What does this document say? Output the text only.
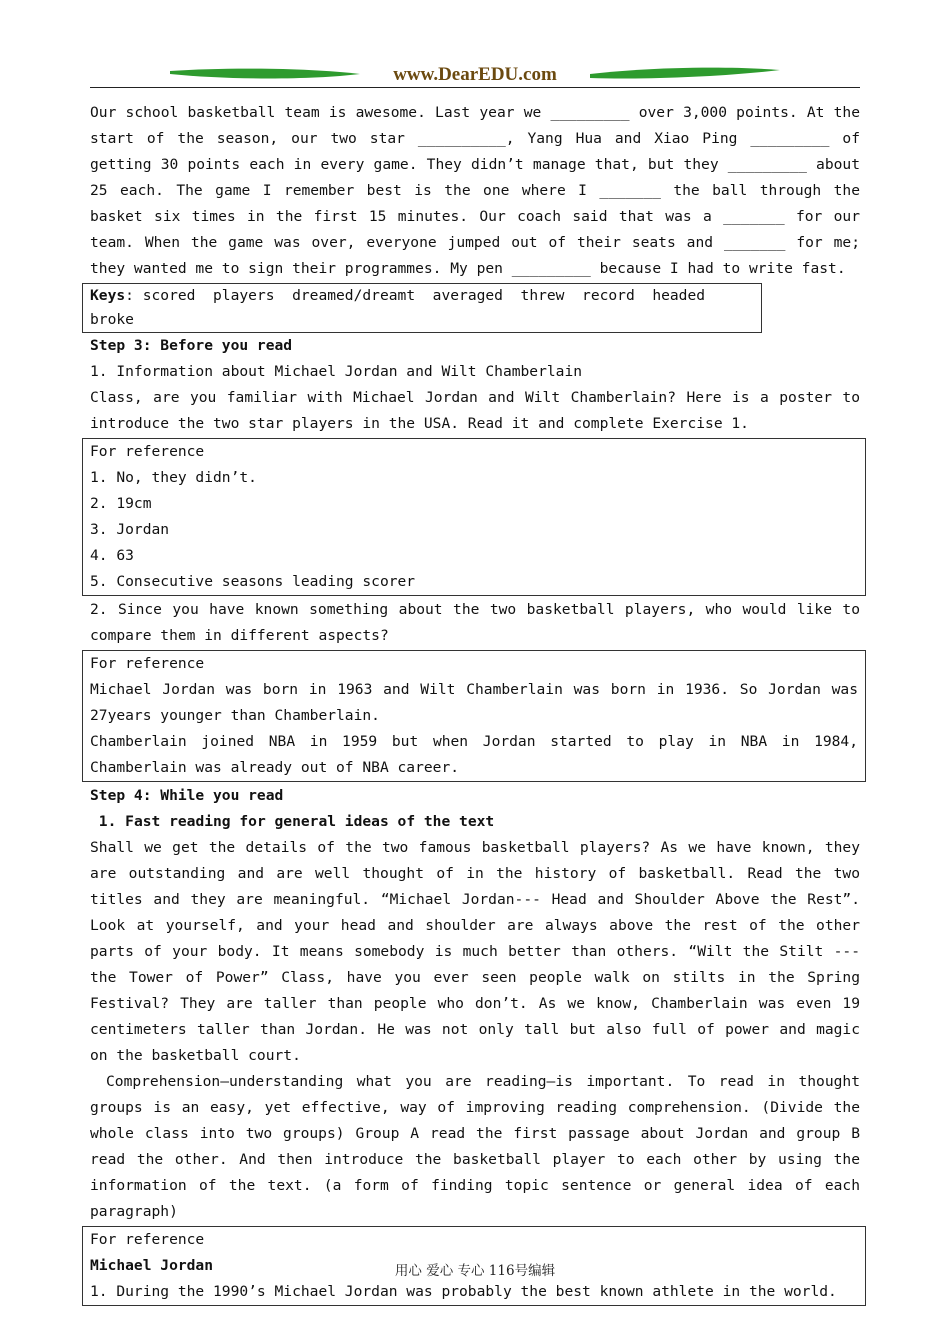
www.DearEDU.com

Our school basketball team is awesome. Last year we _________ over 3,000 points. At the start of the season, our two star __________, Yang Hua and Xiao Ping _________ of getting 30 points each in every game. They didn’t manage that, but they _________ about 25 each. The game I remember best is the one where I _______ the ball through the basket six times in the first 15 minutes. Our coach said that was a _______ for our team. When the game was over, everyone jumped out of their seats and _______ for me; they wanted me to sign their programmes. My pen _________ because I had to write fast.

Keys: scored  players  dreamed/dreamt  averaged  threw  record  headed  broke

Step 3: Before you read

1. Information about Michael Jordan and Wilt Chamberlain

Class, are you familiar with Michael Jordan and Wilt Chamberlain? Here is a poster to introduce the two star players in the USA. Read it and complete Exercise 1.

For reference

1. No, they didn’t.

2. 19cm

3. Jordan

4. 63

5. Consecutive seasons leading scorer

2. Since you have known something about the two basketball players, who would like to compare them in different aspects?

For reference

Michael Jordan was born in 1963 and Wilt Chamberlain was born in 1936. So Jordan was 27years younger than Chamberlain.

Chamberlain joined NBA in 1959 but when Jordan started to play in NBA in 1984, Chamberlain was already out of NBA career.

Step 4: While you read

1. Fast reading for general ideas of the text

Shall we get the details of the two famous basketball players? As we have known, they are outstanding and are well thought of in the history of basketball. Read the two titles and they are meaningful. “Michael Jordan--- Head and Shoulder Above the Rest”. Look at yourself, and your head and shoulder are always above the rest of the other parts of your body. It means somebody is much better than others. “Wilt the Stilt --- the Tower of Power” Class, have you ever seen people walk on stilts in the Spring Festival? They are taller than people who don’t. As we know, Chamberlain was even 19 centimeters taller than Jordan. He was not only tall but also full of power and magic on the basketball court.

Comprehension—understanding what you are reading—is important. To read in thought groups is an easy, yet effective, way of improving reading comprehension. (Divide the whole class into two groups) Group A read the first passage about Jordan and group B read the other. And then introduce the basketball player to each other by using the information of the text. (a form of finding topic sentence or general idea of each paragraph)

For reference

Michael Jordan

1. During the 1990’s Michael Jordan was probably the best known athlete in the world.

用心 爱心 专心 116号编辑
